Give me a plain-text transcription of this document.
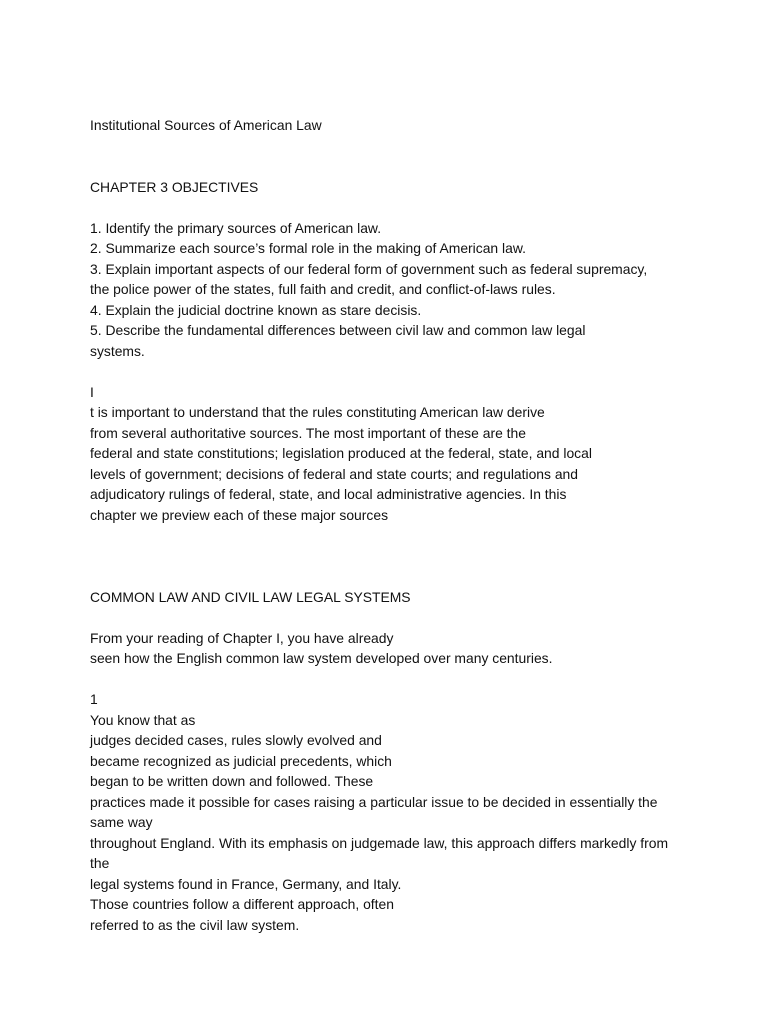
Institutional Sources of American Law
CHAPTER 3 OBJECTIVES
1. Identify the primary sources of American law.
2. Summarize each source’s formal role in the making of American law.
3. Explain important aspects of our federal form of government such as federal supremacy,
the police power of the states, full faith and credit, and conflict-of-laws rules.
4. Explain the judicial doctrine known as stare decisis.
5. Describe the fundamental differences between civil law and common law legal
systems.
I
t is important to understand that the rules constituting American law derive
from several authoritative sources. The most important of these are the
federal and state constitutions; legislation produced at the federal, state, and local
levels of government; decisions of federal and state courts; and regulations and
adjudicatory rulings of federal, state, and local administrative agencies. In this
chapter we preview each of these major sources
COMMON LAW AND CIVIL LAW LEGAL SYSTEMS
From your reading of Chapter I, you have already
seen how the English common law system developed over many centuries.
1
You know that as
judges decided cases, rules slowly evolved and
became recognized as judicial precedents, which
began to be written down and followed. These
practices made it possible for cases raising a particular issue to be decided in essentially the
same way
throughout England. With its emphasis on judgemade law, this approach differs markedly from
the
legal systems found in France, Germany, and Italy.
Those countries follow a different approach, often
referred to as the civil law system.
